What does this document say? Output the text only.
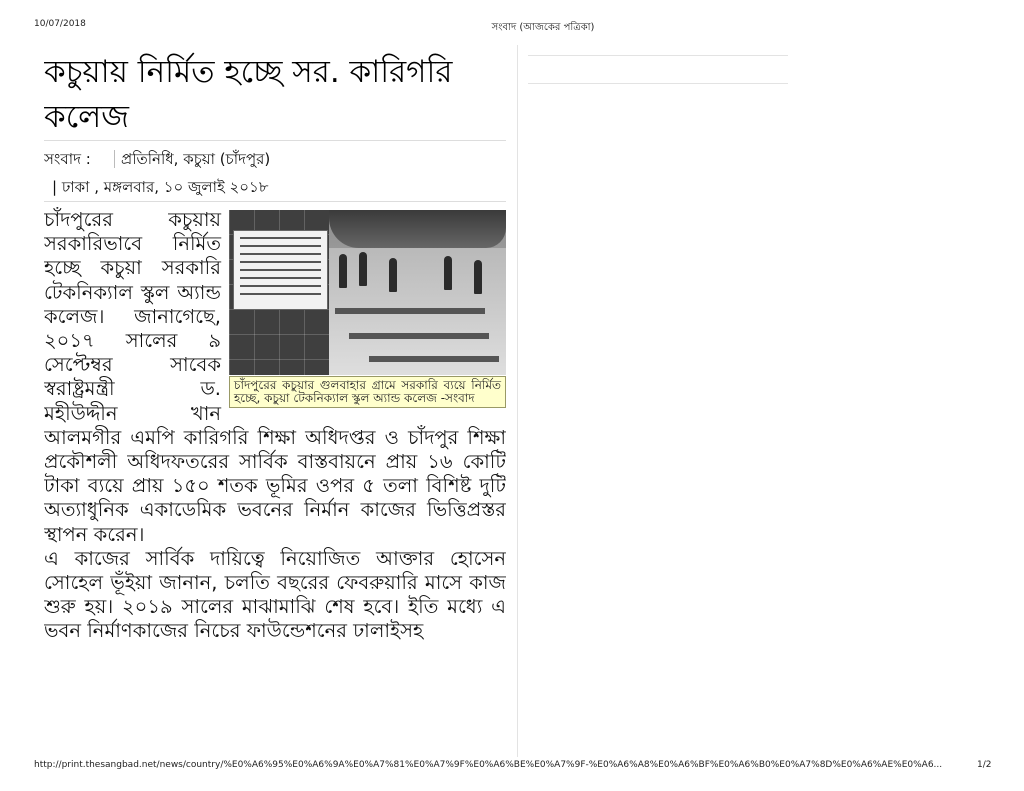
10/07/2018	সংবাদ (আজকের পত্রিকা)
কচুয়ায় নির্মিত হচ্ছে সর. কারিগরি কলেজ
সংবাদ :	প্রতিনিধি, কচুয়া (চাঁদপুর)
| ঢাকা , মঙ্গলবার, ১০ জুলাই ২০১৮
চাঁদপুরের কচুয়ার গুলবাহার গ্রামে সরকারি ব্যয়ে নির্মিত হচ্ছে, কচুয়া টেকনিক্যাল স্কুল অ্যান্ড কলেজ -সংবাদ

চাঁদপুরের কচুয়ায় সরকারিভাবে নির্মিত হচ্ছে কচুয়া সরকারি টেকনিক্যাল স্কুল অ্যান্ড কলেজ। জানাগেছে, ২০১৭ সালের ৯ সেপ্টেম্বর সাবেক স্বরাষ্ট্রমন্ত্রী ড. মহীউদ্দীন খান আলমগীর এমপি কারিগরি শিক্ষা অধিদপ্তর ও চাঁদপুর শিক্ষা প্রকৌশলী অধিদফতরের সার্বিক বাস্তবায়নে প্রায় ১৬ কোটি টাকা ব্যয়ে প্রায় ১৫০ শতক ভূমির ওপর ৫ তলা বিশিষ্ট দুটি অত্যাধুনিক একাডেমিক ভবনের নির্মান কাজের ভিত্তিপ্রস্তর স্থাপন করেন।

এ কাজের সার্বিক দায়িত্বে নিয়োজিত আক্তার হোসেন সোহেল ভূঁইয়া জানান, চলতি বছরের ফেবরুয়ারি মাসে কাজ শুরু হয়। ২০১৯ সালের মাঝামাঝি শেষ হবে। ইতি মধ্যে এ ভবন নির্মাণকাজের নিচের ফাউন্ডেশনের ঢালাইসহ

http://print.thesangbad.net/news/country/%E0%A6%95%E0%A6%9A%E0%A7%81%E0%A7%9F%E0%A6%BE%E0%A7%9F-%E0%A6%A8%E0%A6%BF%E0%A6%B0%E0%A7%8D%E0%A6%AE%E0%A6...	1/2
